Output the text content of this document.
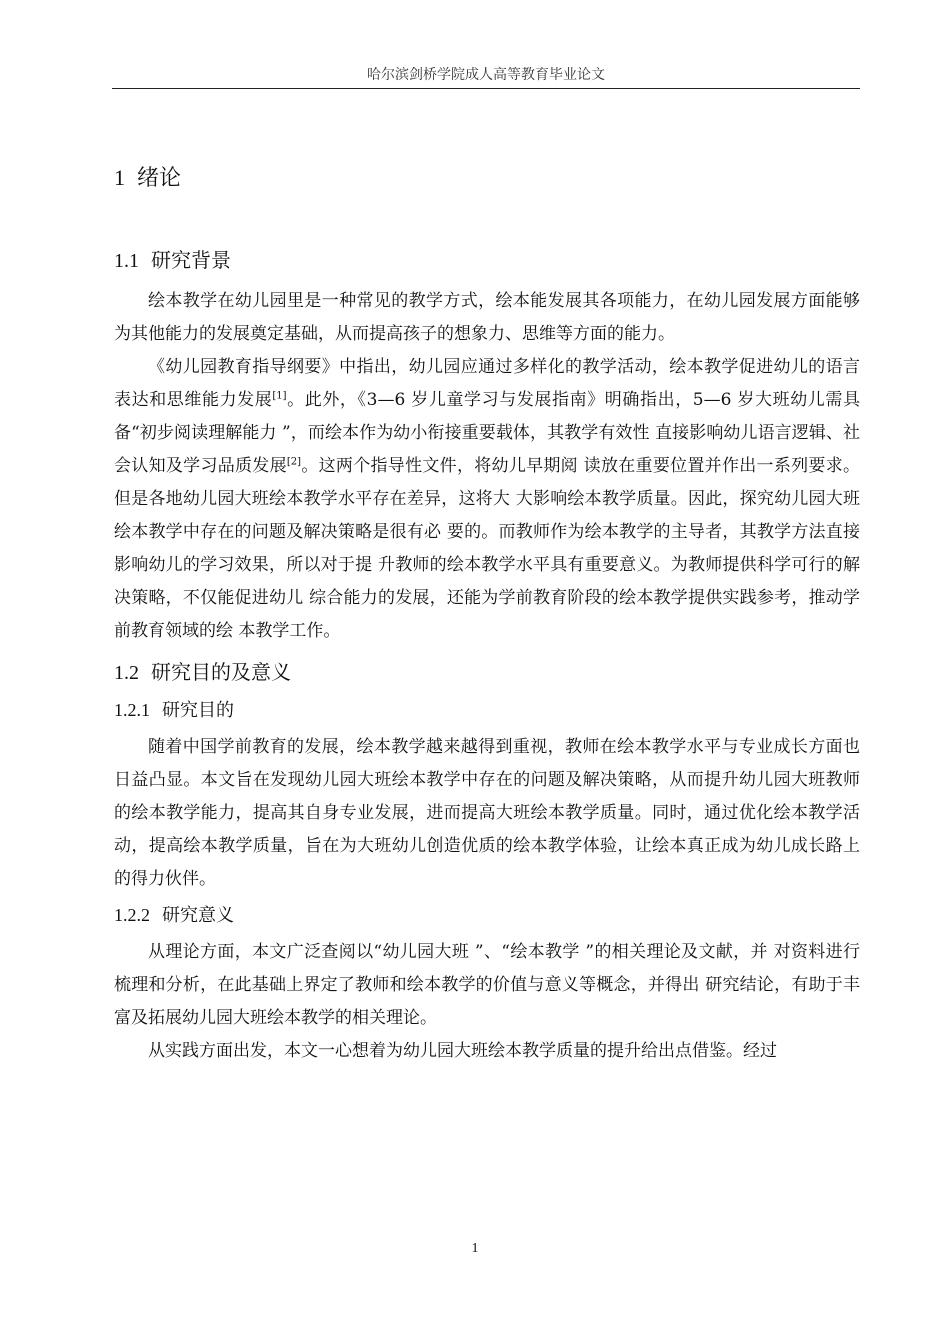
哈尔滨剑桥学院成人高等教育毕业论文
1 绪论
1.1 研究背景

绘本教学在幼儿园里是一种常见的教学方式，绘本能发展其各项能力，在幼儿园发展方面能够为其他能力的发展奠定基础，从而提高孩子的想象力、思维等方面的能力。

《幼儿园教育指导纲要》中指出，幼儿园应通过多样化的教学活动，绘本教学促进幼儿的语言表达和思维能力发展[1]。此外，《3—6 岁儿童学习与发展指南》明确指出，5—6 岁大班幼儿需具备“初步阅读理解能力 ”，而绘本作为幼小衔接重要载体，其教学有效性 直接影响幼儿语言逻辑、社会认知及学习品质发展[2]。这两个指导性文件，将幼儿早期阅 读放在重要位置并作出一系列要求。但是各地幼儿园大班绘本教学水平存在差异，这将大 大影响绘本教学质量。因此，探究幼儿园大班绘本教学中存在的问题及解决策略是很有必 要的。而教师作为绘本教学的主导者，其教学方法直接影响幼儿的学习效果，所以对于提 升教师的绘本教学水平具有重要意义。为教师提供科学可行的解决策略，不仅能促进幼儿 综合能力的发展，还能为学前教育阶段的绘本教学提供实践参考，推动学前教育领域的绘 本教学工作。

1.2 研究目的及意义
1.2.1 研究目的

随着中国学前教育的发展，绘本教学越来越得到重视，教师在绘本教学水平与专业成长方面也日益凸显。本文旨在发现幼儿园大班绘本教学中存在的问题及解决策略，从而提升幼儿园大班教师的绘本教学能力，提高其自身专业发展，进而提高大班绘本教学质量。同时，通过优化绘本教学活动，提高绘本教学质量，旨在为大班幼儿创造优质的绘本教学体验，让绘本真正成为幼儿成长路上的得力伙伴。

1.2.2 研究意义

从理论方面，本文广泛查阅以“幼儿园大班 ”、“绘本教学 ”的相关理论及文献，并 对资料进行梳理和分析，在此基础上界定了教师和绘本教学的价值与意义等概念，并得出 研究结论，有助于丰富及拓展幼儿园大班绘本教学的相关理论。

从实践方面出发，本文一心想着为幼儿园大班绘本教学质量的提升给出点借鉴。经过

1
